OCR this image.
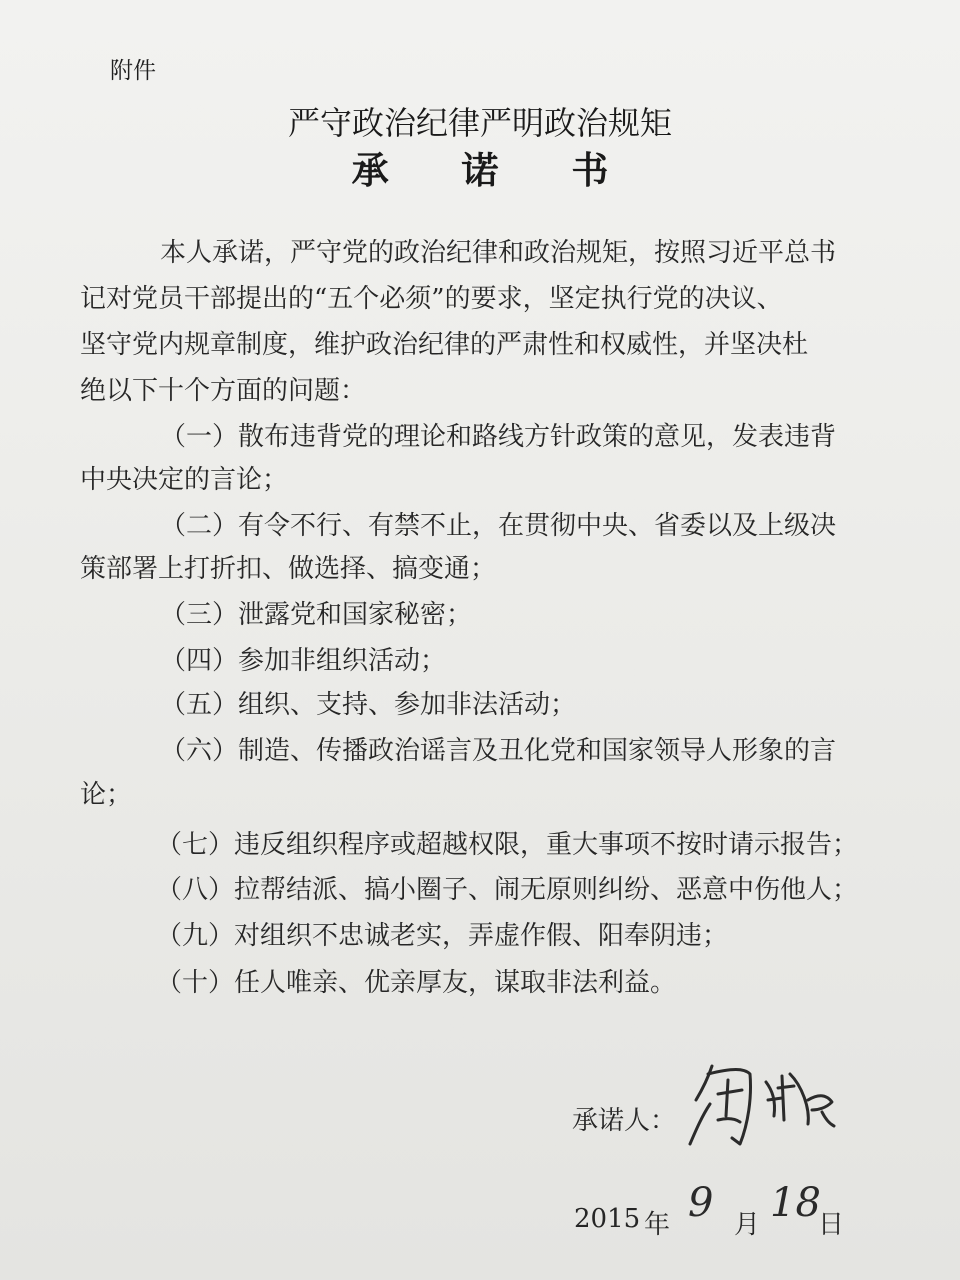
附件
严守政治纪律严明政治规矩
承 诺 书
本人承诺，严守党的政治纪律和政治规矩，按照习近平总书
记对党员干部提出的“五个必须”的要求，坚定执行党的决议、
坚守党内规章制度，维护政治纪律的严肃性和权威性，并坚决杜
绝以下十个方面的问题：
（一）散布违背党的理论和路线方针政策的意见，发表违背
中央决定的言论；
（二）有令不行、有禁不止，在贯彻中央、省委以及上级决
策部署上打折扣、做选择、搞变通；
（三）泄露党和国家秘密；
（四）参加非组织活动；
（五）组织、支持、参加非法活动；
（六）制造、传播政治谣言及丑化党和国家领导人形象的言
论；
（七）违反组织程序或超越权限，重大事项不按时请示报告；
（八）拉帮结派、搞小圈子、闹无原则纠纷、恶意中伤他人；
（九）对组织不忠诚老实，弄虚作假、阳奉阴违；
（十）任人唯亲、优亲厚友，谋取非法利益。
承诺人：
2015 年 9 月 18
日
